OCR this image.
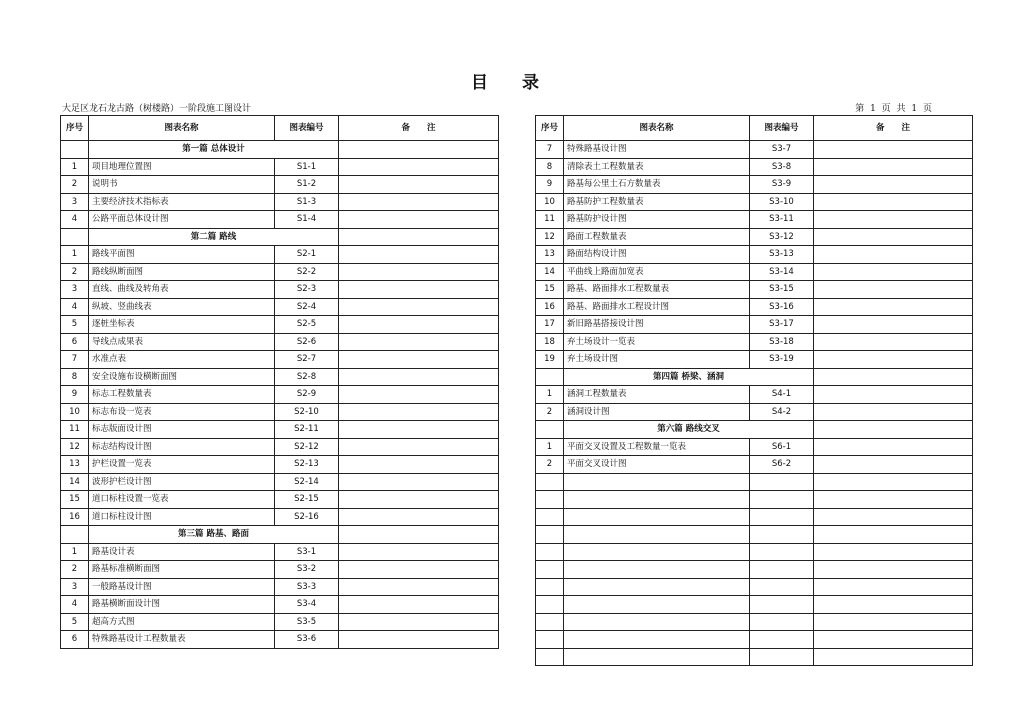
目 录
大足区龙石龙古路（树楼路）一阶段施工图设计	第 1 页 共 1 页
序号	图表名称	图表编号	备　　注
	第一篇 总体设计		
1	项目地理位置图	S1-1	
2	说明书	S1-2	
3	主要经济技术指标表	S1-3	
4	公路平面总体设计图	S1-4	
	第二篇 路线		
1	路线平面图	S2-1	
2	路线纵断面图	S2-2	
3	直线、曲线及转角表	S2-3	
4	纵坡、竖曲线表	S2-4	
5	逐桩坐标表	S2-5	
6	导线点成果表	S2-6	
7	水准点表	S2-7	
8	安全设施布设横断面图	S2-8	
9	标志工程数量表	S2-9	
10	标志布设一览表	S2-10	
11	标志版面设计图	S2-11	
12	标志结构设计图	S2-12	
13	护栏设置一览表	S2-13	
14	波形护栏设计图	S2-14	
15	道口标柱设置一览表	S2-15	
16	道口标柱设计图	S2-16	
	第三篇 路基、路面		
1	路基设计表	S3-1	
2	路基标准横断面图	S3-2	
3	一般路基设计图	S3-3	
4	路基横断面设计图	S3-4	
5	超高方式图	S3-5	
6	特殊路基设计工程数量表	S3-6	
序号	图表名称	图表编号	备　　注
7	特殊路基设计图	S3-7	
8	清除表土工程数量表	S3-8	
9	路基每公里土石方数量表	S3-9	
10	路基防护工程数量表	S3-10	
11	路基防护设计图	S3-11	
12	路面工程数量表	S3-12	
13	路面结构设计图	S3-13	
14	平曲线上路面加宽表	S3-14	
15	路基、路面排水工程数量表	S3-15	
16	路基、路面排水工程设计图	S3-16	
17	新旧路基搭接设计图	S3-17	
18	弃土场设计一览表	S3-18	
19	弃土场设计图	S3-19	
	第四篇 桥梁、涵洞		
1	涵洞工程数量表	S4-1	
2	涵洞设计图	S4-2	
	第六篇 路线交叉		
1	平面交叉设置及工程数量一览表	S6-1	
2	平面交叉设计图	S6-2	
